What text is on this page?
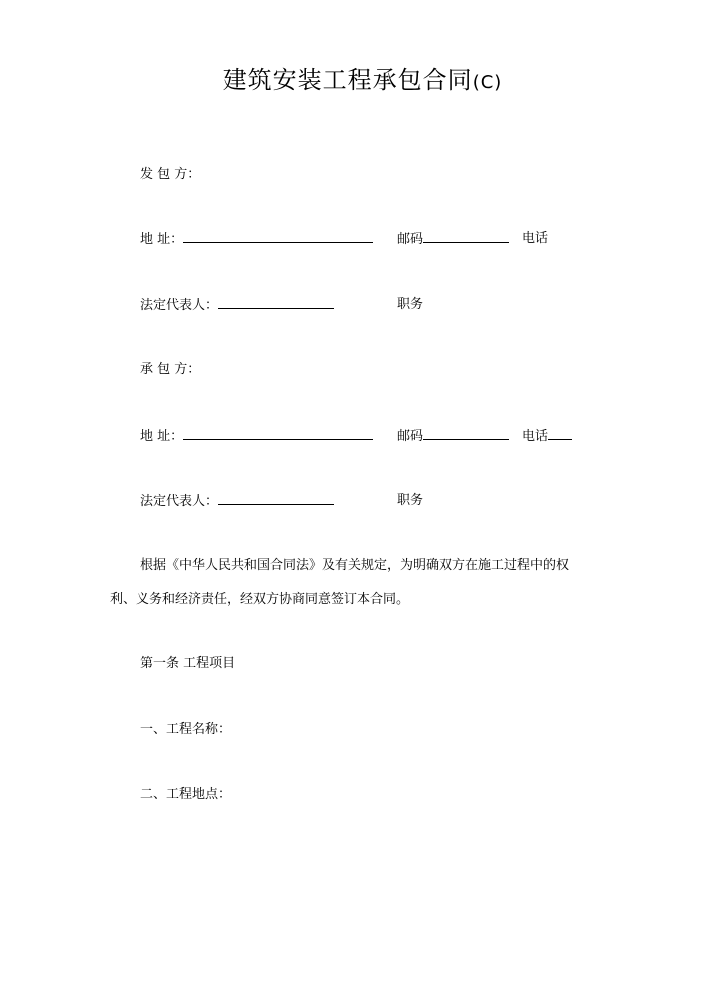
建筑安装工程承包合同(C)
发 包 方：
地 址：	邮码	电话
法定代表人：	职务
承 包 方：
地 址：	邮码	电话
法定代表人：	职务
根据《中华人民共和国合同法》及有关规定，为明确双方在施工过程中的权
利、义务和经济责任，经双方协商同意签订本合同。
第一条 工程项目
一、工程名称：
二、工程地点：
